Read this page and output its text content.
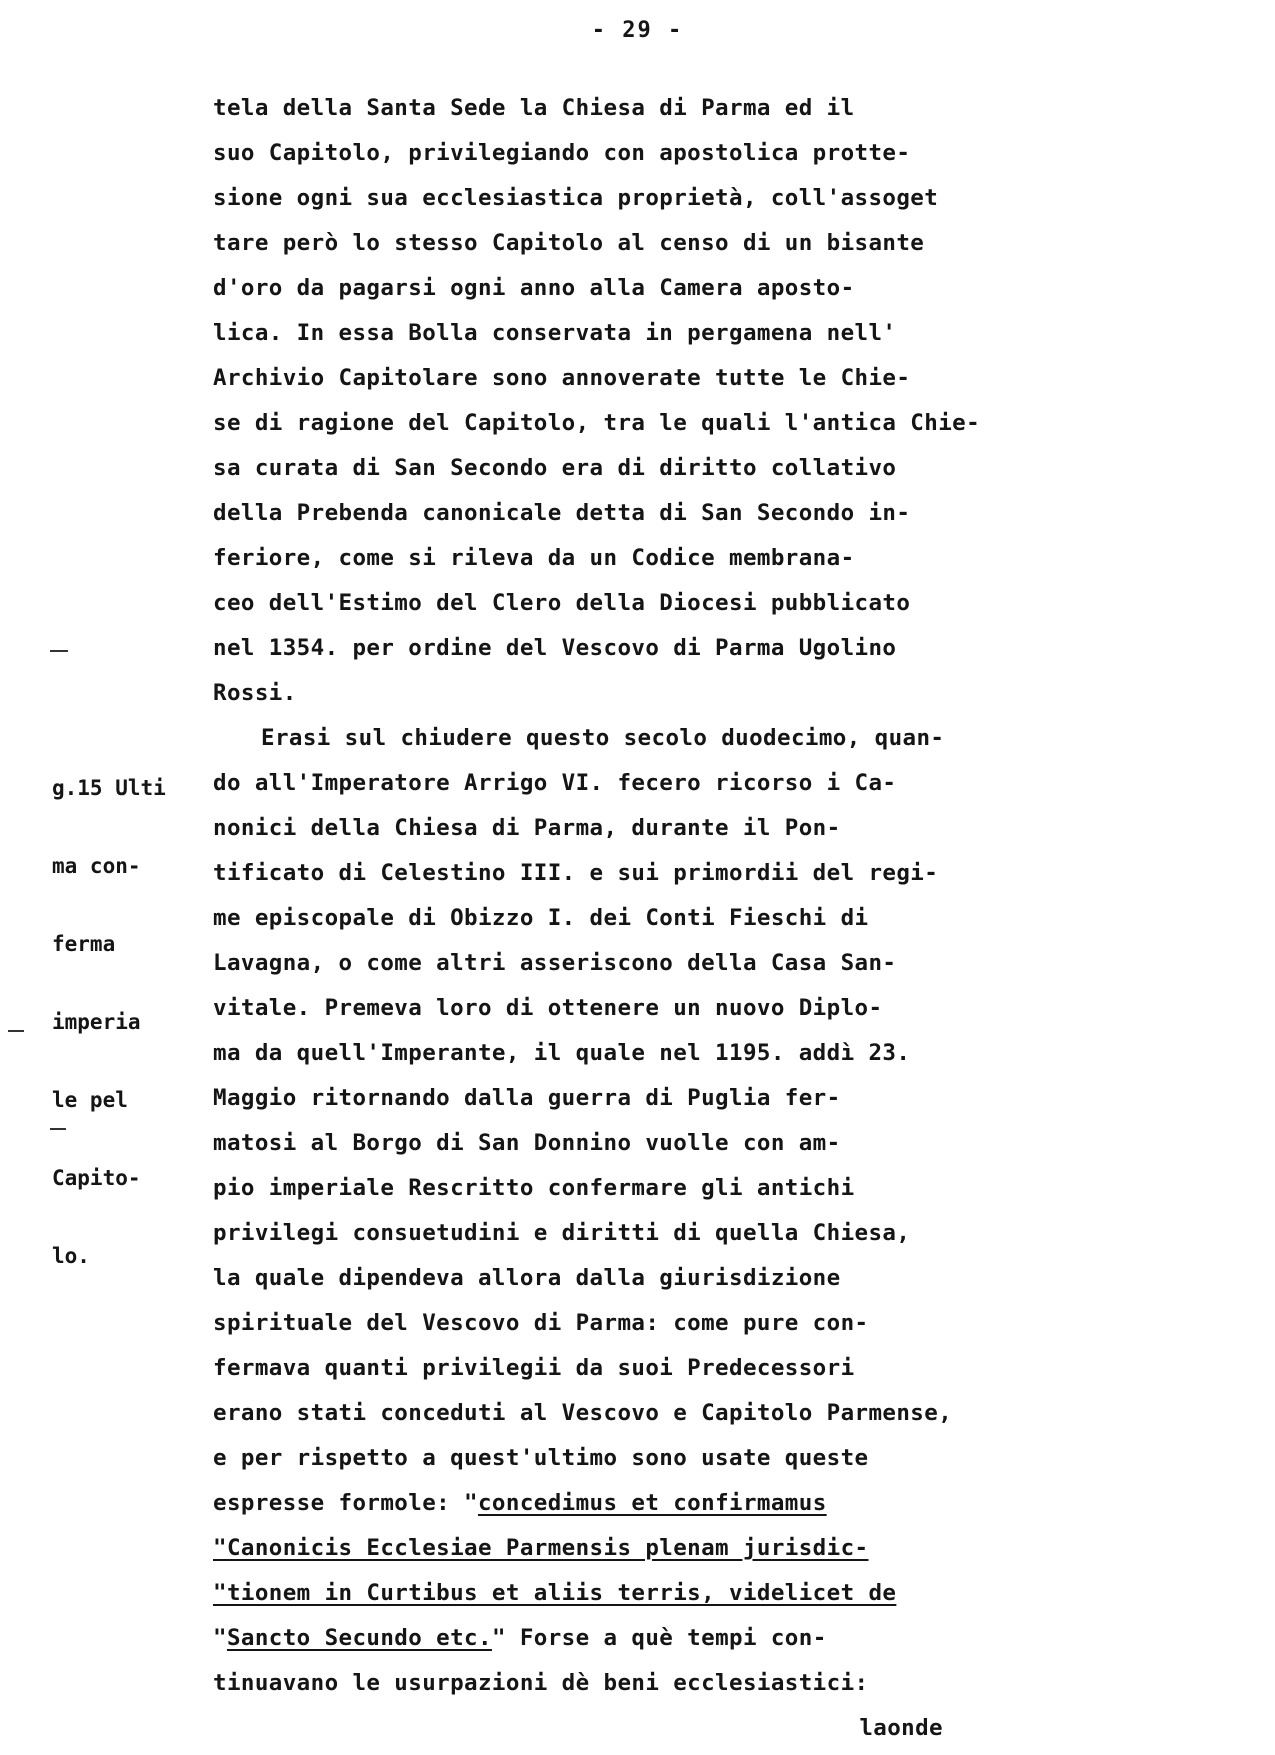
- 29 -

g.15 Ulti

ma con-

ferma

imperia

le pel

Capito-

lo.

tela della Santa Sede la Chiesa di Parma ed il
suo Capitolo, privilegiando con apostolica protte-
sione ogni sua ecclesiastica proprietà, coll'assoget
tare però lo stesso Capitolo al censo di un bisante
d'oro da pagarsi ogni anno alla Camera aposto-
lica. In essa Bolla conservata in pergamena nell'
Archivio Capitolare sono annoverate tutte le Chie-
se di ragione del Capitolo, tra le quali l'antica Chie-
sa curata di San Secondo era di diritto collativo
della Prebenda canonicale detta di San Secondo in-
feriore, come si rileva da un Codice membrana-
ceo dell'Estimo del Clero della Diocesi pubblicato
nel 1354. per ordine del Vescovo di Parma Ugolino
Rossi.
Erasi sul chiudere questo secolo duodecimo, quan-
do all'Imperatore Arrigo VI. fecero ricorso i Ca-
nonici della Chiesa di Parma, durante il Pon-
tificato di Celestino III. e sui primordii del regi-
me episcopale di Obizzo I. dei Conti Fieschi di
Lavagna, o come altri asseriscono della Casa San-
vitale. Premeva loro di ottenere un nuovo Diplo-
ma da quell'Imperante, il quale nel 1195. addì 23.
Maggio ritornando dalla guerra di Puglia fer-
matosi al Borgo di San Donnino vuolle con am-
pio imperiale Rescritto confermare gli antichi
privilegi consuetudini e diritti di quella Chiesa,
la quale dipendeva allora dalla giurisdizione
spirituale del Vescovo di Parma: come pure con-
fermava quanti privilegii da suoi Predecessori
erano stati conceduti al Vescovo e Capitolo Parmense,
e per rispetto a quest'ultimo sono usate queste
espresse formole: "concedimus et confirmamus
"Canonicis Ecclesiae Parmensis plenam jurisdic-
"tionem in Curtibus et aliis terris, videlicet de
"Sancto Secundo etc." Forse a què tempi con-
tinuavano le usurpazioni dè beni ecclesiastici:
laonde
